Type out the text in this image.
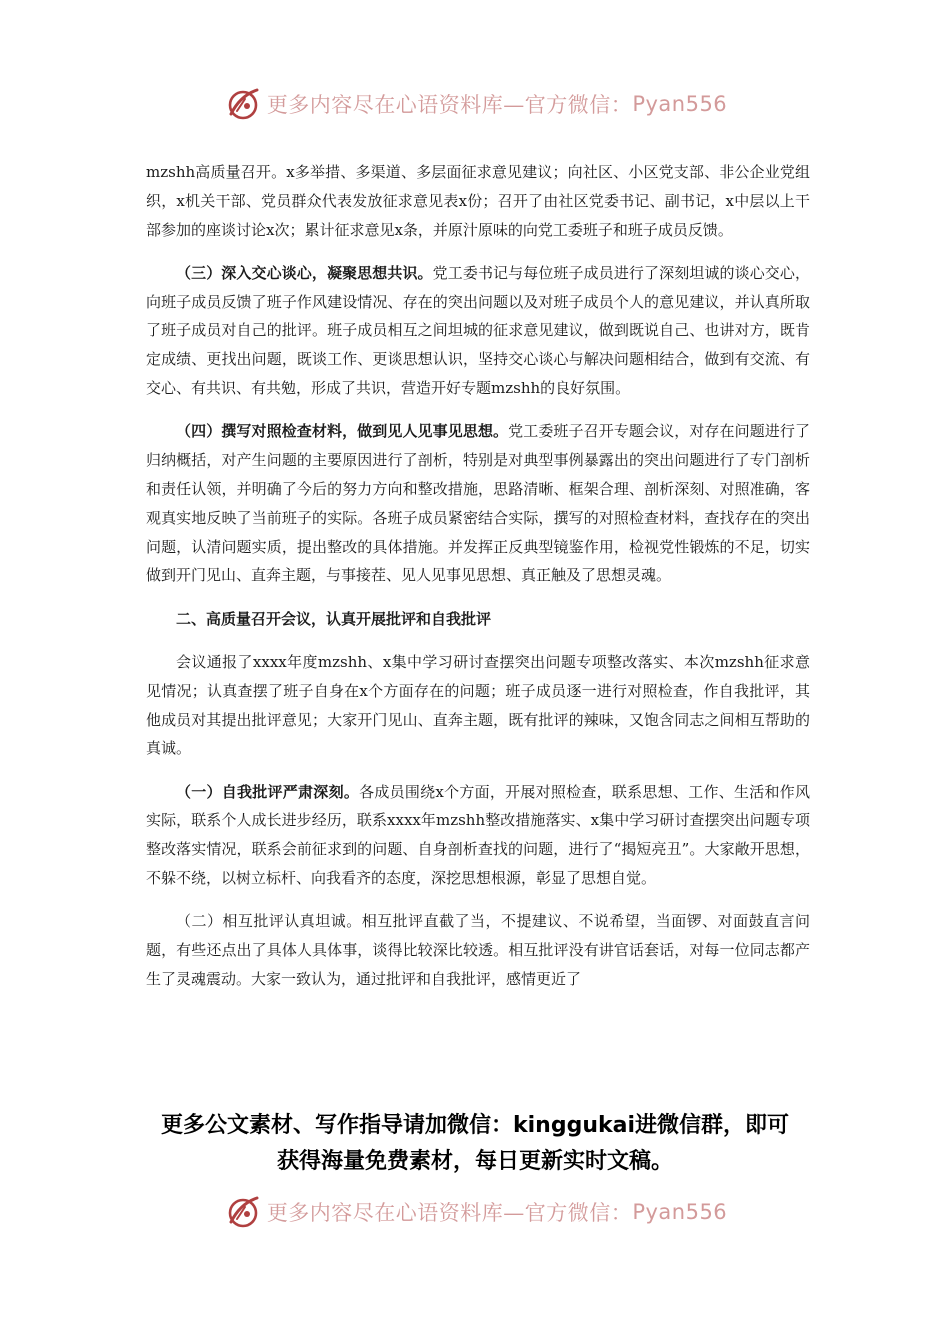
更多内容尽在心语资料库—官方微信： Pyan556

mzshh高质量召开。x多举措、多渠道、多层面征求意见建议；向社区、小区党支部、非公企业党组织，x机关干部、党员群众代表发放征求意见表x份；召开了由社区党委书记、副书记，x中层以上干部参加的座谈讨论x次；累计征求意见x条，并原汁原味的向党工委班子和班子成员反馈。

（三）深入交心谈心，凝聚思想共识。党工委书记与每位班子成员进行了深刻坦诚的谈心交心，向班子成员反馈了班子作风建设情况、存在的突出问题以及对班子成员个人的意见建议，并认真所取了班子成员对自己的批评。班子成员相互之间坦城的征求意见建议，做到既说自己、也讲对方，既肯定成绩、更找出问题，既谈工作、更谈思想认识，坚持交心谈心与解决问题相结合，做到有交流、有交心、有共识、有共勉，形成了共识，营造开好专题mzshh的良好氛围。

（四）撰写对照检查材料，做到见人见事见思想。党工委班子召开专题会议，对存在问题进行了归纳概括，对产生问题的主要原因进行了剖析，特别是对典型事例暴露出的突出问题进行了专门剖析和责任认领，并明确了今后的努力方向和整改措施，思路清晰、框架合理、剖析深刻、对照准确，客观真实地反映了当前班子的实际。各班子成员紧密结合实际，撰写的对照检查材料，查找存在的突出问题，认清问题实质，提出整改的具体措施。并发挥正反典型镜鉴作用，检视党性锻炼的不足，切实做到开门见山、直奔主题，与事接茬、见人见事见思想、真正触及了思想灵魂。

二、高质量召开会议，认真开展批评和自我批评

会议通报了xxxx年度mzshh、x集中学习研讨查摆突出问题专项整改落实、本次mzshh征求意见情况；认真查摆了班子自身在x个方面存在的问题；班子成员逐一进行对照检查，作自我批评，其他成员对其提出批评意见；大家开门见山、直奔主题，既有批评的辣味，又饱含同志之间相互帮助的真诚。

（一）自我批评严肃深刻。各成员围绕x个方面，开展对照检查，联系思想、工作、生活和作风实际，联系个人成长进步经历，联系xxxx年mzshh整改措施落实、x集中学习研讨查摆突出问题专项整改落实情况，联系会前征求到的问题、自身剖析查找的问题，进行了“揭短亮丑”。大家敞开思想，不躲不绕，以树立标杆、向我看齐的态度，深挖思想根源，彰显了思想自觉。

（二）相互批评认真坦诚。相互批评直截了当，不提建议、不说希望，当面锣、对面鼓直言问题，有些还点出了具体人具体事，谈得比较深比较透。相互批评没有讲官话套话，对每一位同志都产生了灵魂震动。大家一致认为，通过批评和自我批评，感情更近了

更多公文素材、写作指导请加微信：kinggukai进微信群，即可
获得海量免费素材，每日更新实时文稿。
更多内容尽在心语资料库—官方微信： Pyan556
